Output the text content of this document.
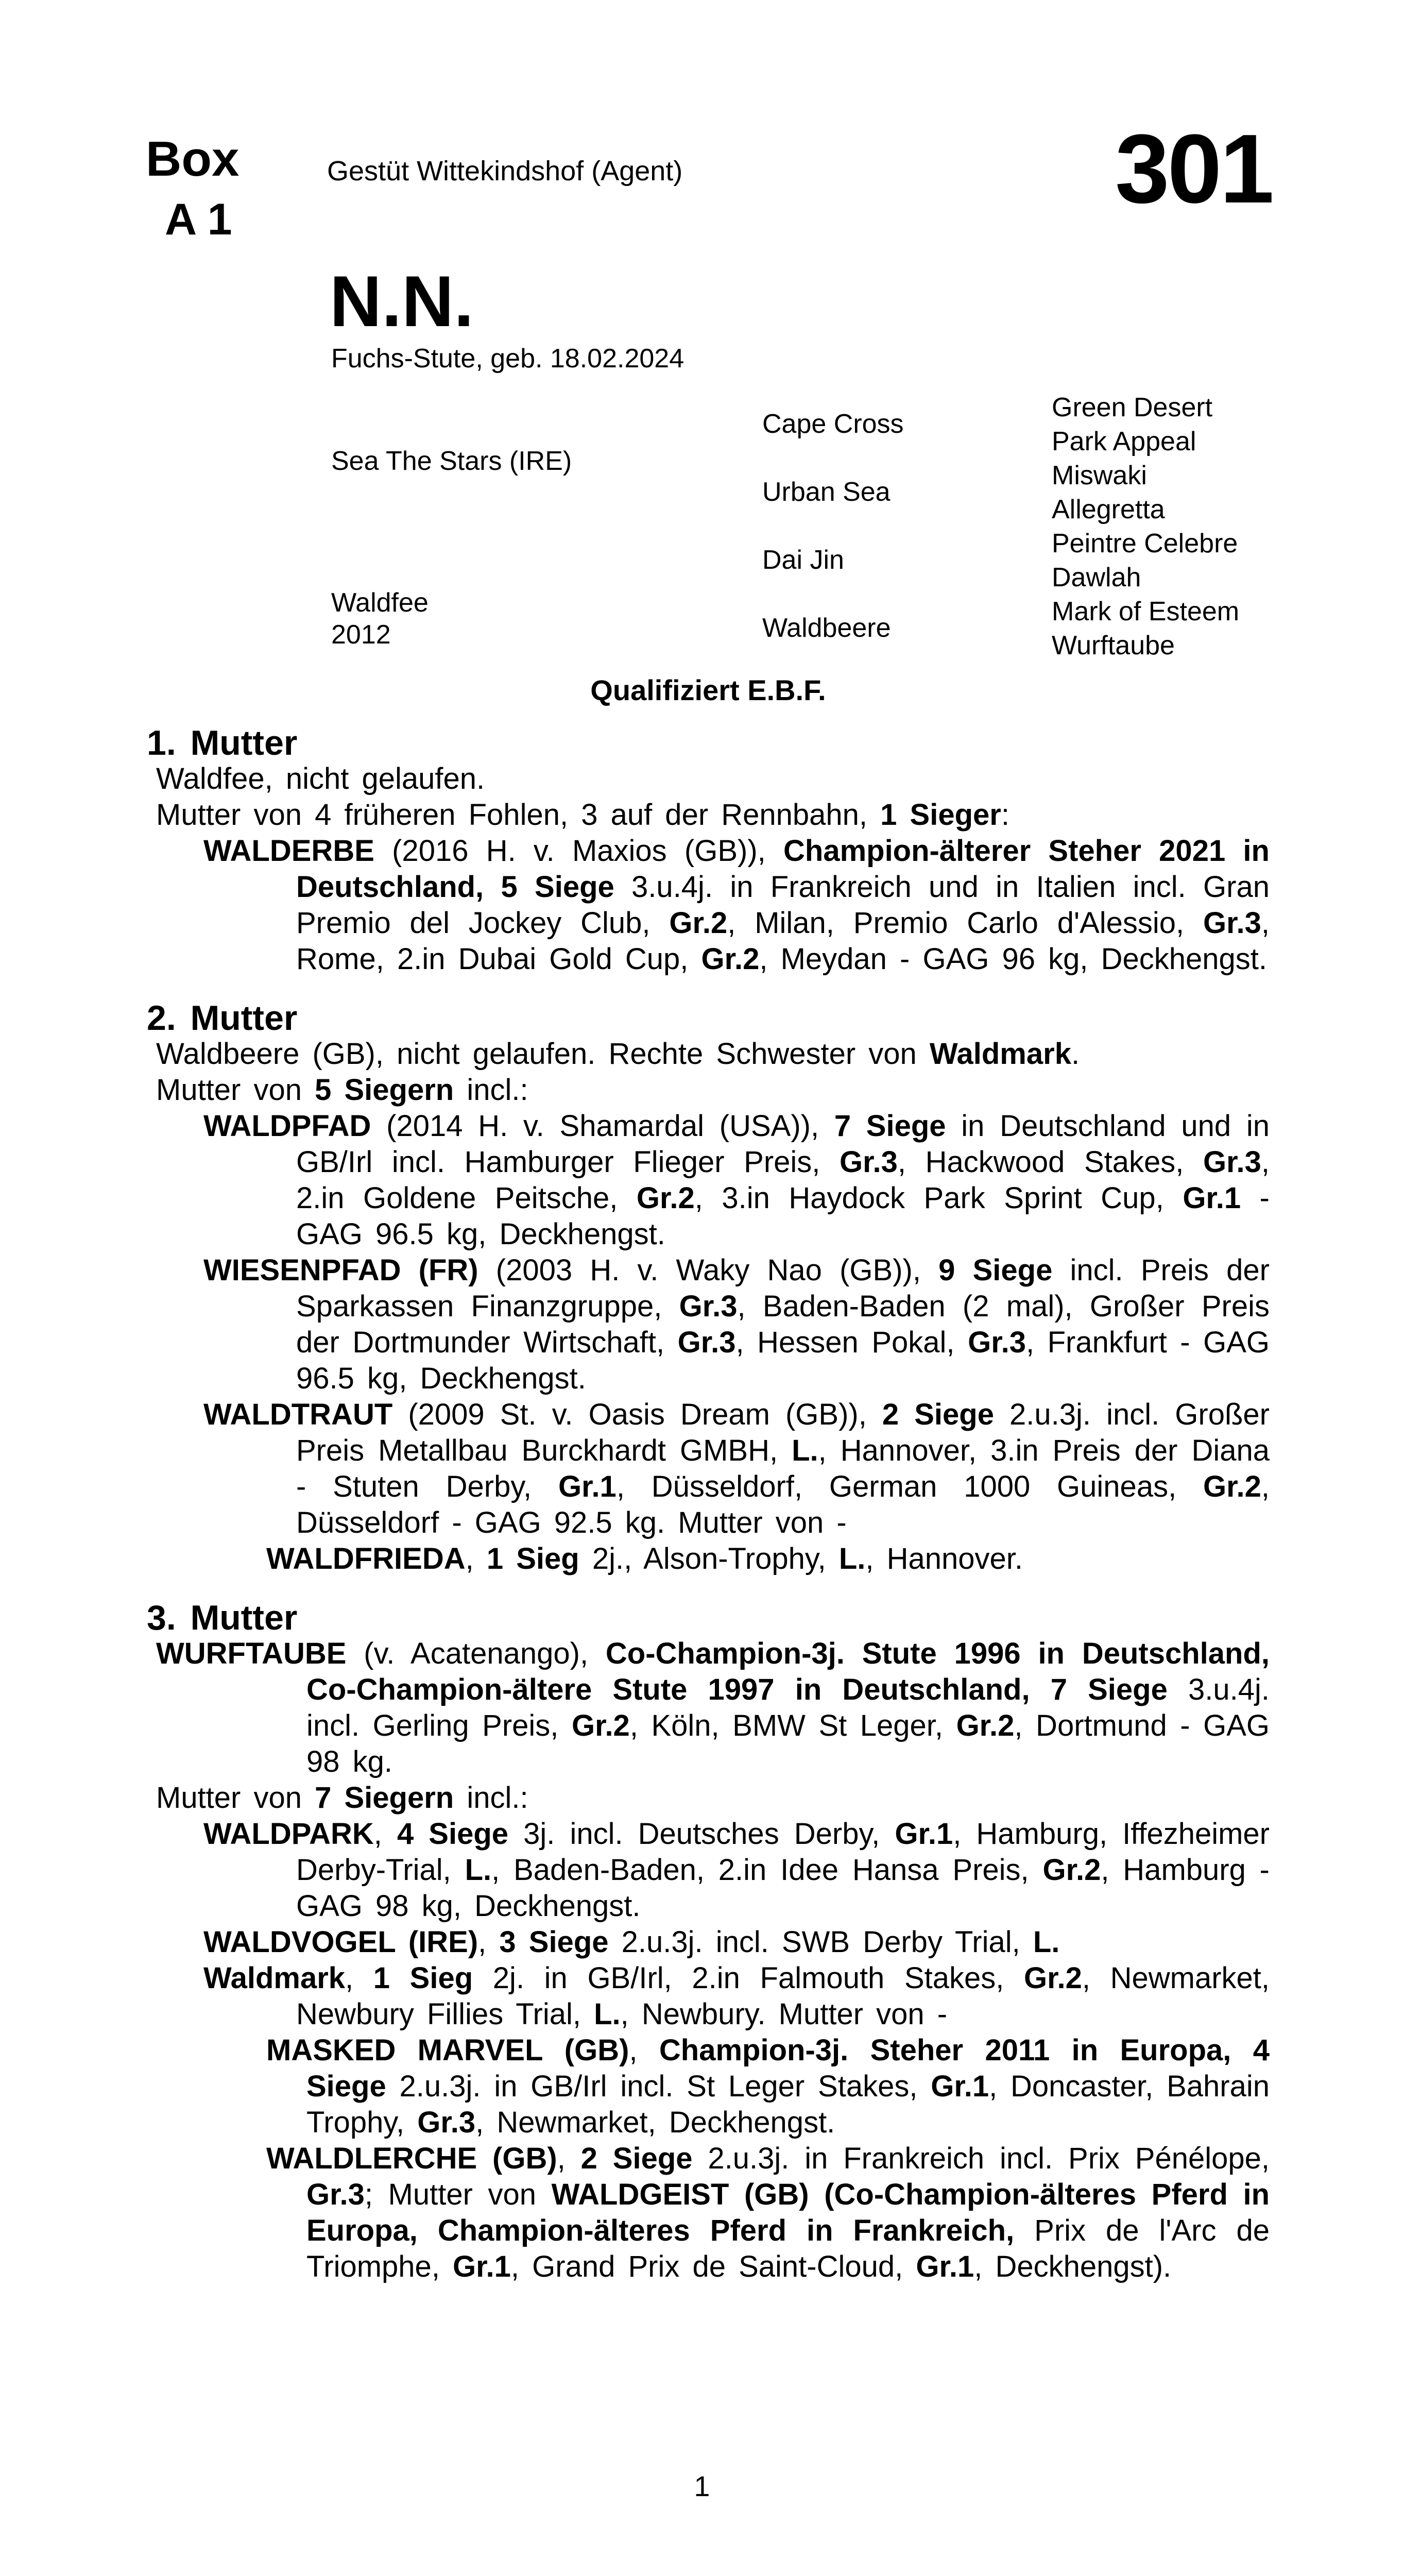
Box
A 1
Gestüt Wittekindshof (Agent)	301
N.N.
Fuchs-Stute, geb. 18.02.2024
Sea The Stars (IRE)
Waldfee
2012
Cape Cross
Urban Sea
Dai Jin
Waldbeere
Green Desert
Park Appeal
Miswaki
Allegretta
Peintre Celebre
Dawlah
Mark of Esteem
Wurftaube
Qualifiziert E.B.F.
1. Mutter

Waldfee, nicht gelaufen.

Mutter von 4 früheren Fohlen, 3 auf der Rennbahn, 1 Sieger:

WALDERBE (2016 H. v. Maxios (GB)), Champion-älterer Steher 2021 in Deutschland, 5 Siege 3.u.4j. in Frankreich und in Italien incl. Gran Premio del Jockey Club, Gr.2, Milan, Premio Carlo d'Alessio, Gr.3, Rome, 2.in Dubai Gold Cup, Gr.2, Meydan - GAG 96 kg, Deckhengst.

2. Mutter

Waldbeere (GB), nicht gelaufen. Rechte Schwester von Waldmark.

Mutter von 5 Siegern incl.:

WALDPFAD (2014 H. v. Shamardal (USA)), 7 Siege in Deutschland und in GB/Irl incl. Hamburger Flieger Preis, Gr.3, Hackwood Stakes, Gr.3, 2.in Goldene Peitsche, Gr.2, 3.in Haydock Park Sprint Cup, Gr.1 - GAG 96.5 kg, Deckhengst.

WIESENPFAD (FR) (2003 H. v. Waky Nao (GB)), 9 Siege incl. Preis der Sparkassen Finanzgruppe, Gr.3, Baden-Baden (2 mal), Großer Preis der Dortmunder Wirtschaft, Gr.3, Hessen Pokal, Gr.3, Frankfurt - GAG 96.5 kg, Deckhengst.

WALDTRAUT (2009 St. v. Oasis Dream (GB)), 2 Siege 2.u.3j. incl. Großer Preis Metallbau Burckhardt GMBH, L., Hannover, 3.in Preis der Diana - Stuten Derby, Gr.1, Düsseldorf, German 1000 Guineas, Gr.2, Düsseldorf - GAG 92.5 kg. Mutter von -

WALDFRIEDA, 1 Sieg 2j., Alson-Trophy, L., Hannover.

3. Mutter

WURFTAUBE (v. Acatenango), Co-Champion-3j. Stute 1996 in Deutschland, Co-Champion-ältere Stute 1997 in Deutschland, 7 Siege 3.u.4j. incl. Gerling Preis, Gr.2, Köln, BMW St Leger, Gr.2, Dortmund - GAG 98 kg.

Mutter von 7 Siegern incl.:

WALDPARK, 4 Siege 3j. incl. Deutsches Derby, Gr.1, Hamburg, Iffezheimer Derby-Trial, L., Baden-Baden, 2.in Idee Hansa Preis, Gr.2, Hamburg - GAG 98 kg, Deckhengst.

WALDVOGEL (IRE), 3 Siege 2.u.3j. incl. SWB Derby Trial, L.

Waldmark, 1 Sieg 2j. in GB/Irl, 2.in Falmouth Stakes, Gr.2, Newmarket, Newbury Fillies Trial, L., Newbury. Mutter von -

MASKED MARVEL (GB), Champion-3j. Steher 2011 in Europa, 4 Siege 2.u.3j. in GB/Irl incl. St Leger Stakes, Gr.1, Doncaster, Bahrain Trophy, Gr.3, Newmarket, Deckhengst.

WALDLERCHE (GB), 2 Siege 2.u.3j. in Frankreich incl. Prix Pénélope, Gr.3; Mutter von WALDGEIST (GB) (Co-Champion-älteres Pferd in Europa, Champion-älteres Pferd in Frankreich, Prix de l'Arc de Triomphe, Gr.1, Grand Prix de Saint-Cloud, Gr.1, Deckhengst).

1
